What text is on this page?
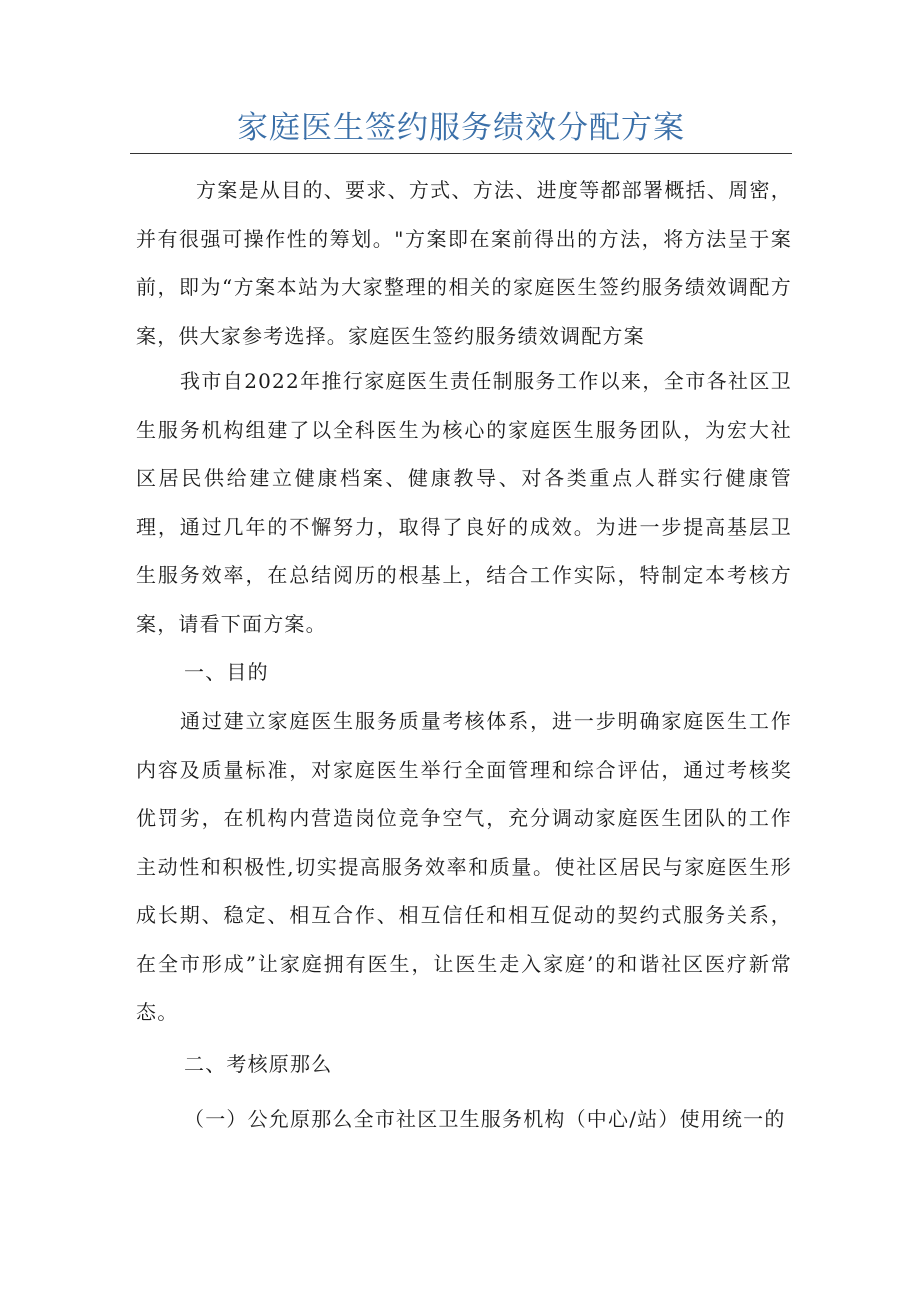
家庭医生签约服务绩效分配方案

方案是从目的、要求、方式、方法、进度等都部署概括、周密，并有很强可操作性的筹划。"方案即在案前得出的方法，将方法呈于案前，即为“方案本站为大家整理的相关的家庭医生签约服务绩效调配方案，供大家参考选择。家庭医生签约服务绩效调配方案

我市自2022年推行家庭医生责任制服务工作以来，全市各社区卫生服务机构组建了以全科医生为核心的家庭医生服务团队，为宏大社区居民供给建立健康档案、健康教导、对各类重点人群实行健康管理，通过几年的不懈努力，取得了良好的成效。为进一步提高基层卫生服务效率，在总结阅历的根基上，结合工作实际，特制定本考核方案，请看下面方案。

一、目的

通过建立家庭医生服务质量考核体系，进一步明确家庭医生工作内容及质量标准，对家庭医生举行全面管理和综合评估，通过考核奖优罚劣，在机构内营造岗位竞争空气，充分调动家庭医生团队的工作主动性和积极性,切实提高服务效率和质量。使社区居民与家庭医生形成长期、稳定、相互合作、相互信任和相互促动的契约式服务关系，在全市形成”让家庭拥有医生，让医生走入家庭’的和谐社区医疗新常态。

二、考核原那么

（一）公允原那么全市社区卫生服务机构（中心/站）使用统一的
